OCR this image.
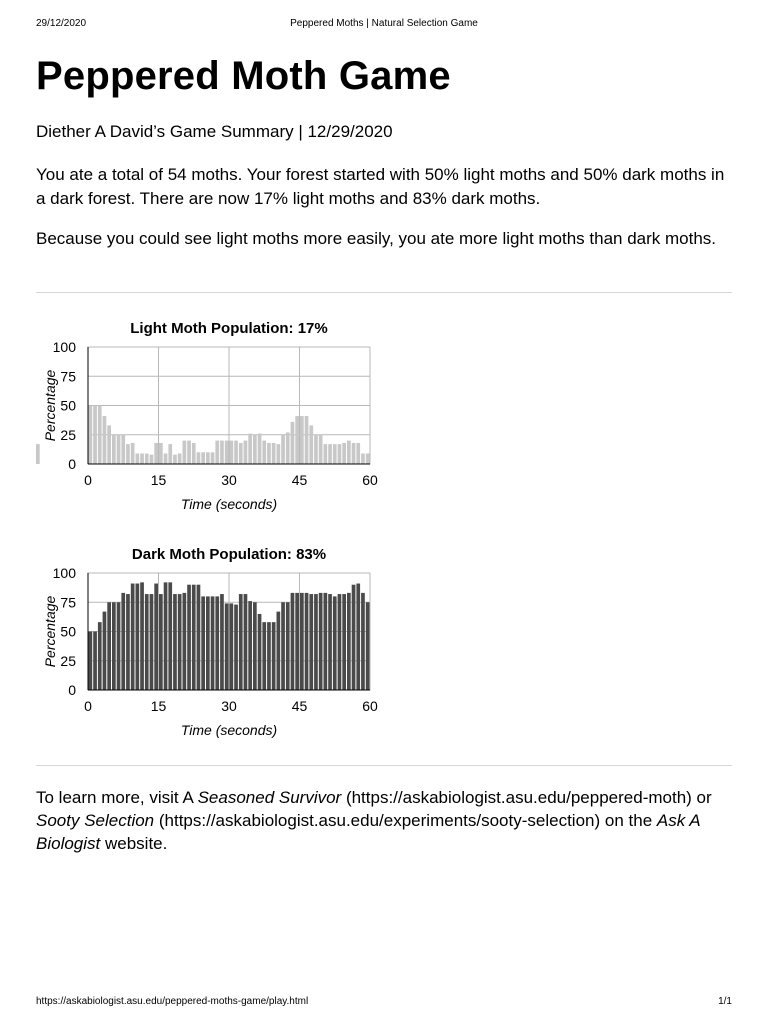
29/12/2020	Peppered Moths | Natural Selection Game
Peppered Moth Game

Diether A David’s Game Summary | 12/29/2020

You ate a total of 54 moths. Your forest started with 50% light moths and 50% dark moths in a dark forest. There are now 17% light moths and 83% dark moths.

Because you could see light moths more easily, you ate more light moths than dark moths.

Light Moth Population: 17%
0
25
50
75
100
0	15	30	45	60
Time (seconds)
Percentage
Dark Moth Population: 83%
0
25
50
75
100
0	15	30	45	60
Time (seconds)
Percentage

To learn more, visit A Seasoned Survivor (https://askabiologist.asu.edu/peppered-moth) or Sooty Selection (https://askabiologist.asu.edu/experiments/sooty-selection) on the Ask A Biologist website.

https://askabiologist.asu.edu/peppered-moths-game/play.html	1/1
